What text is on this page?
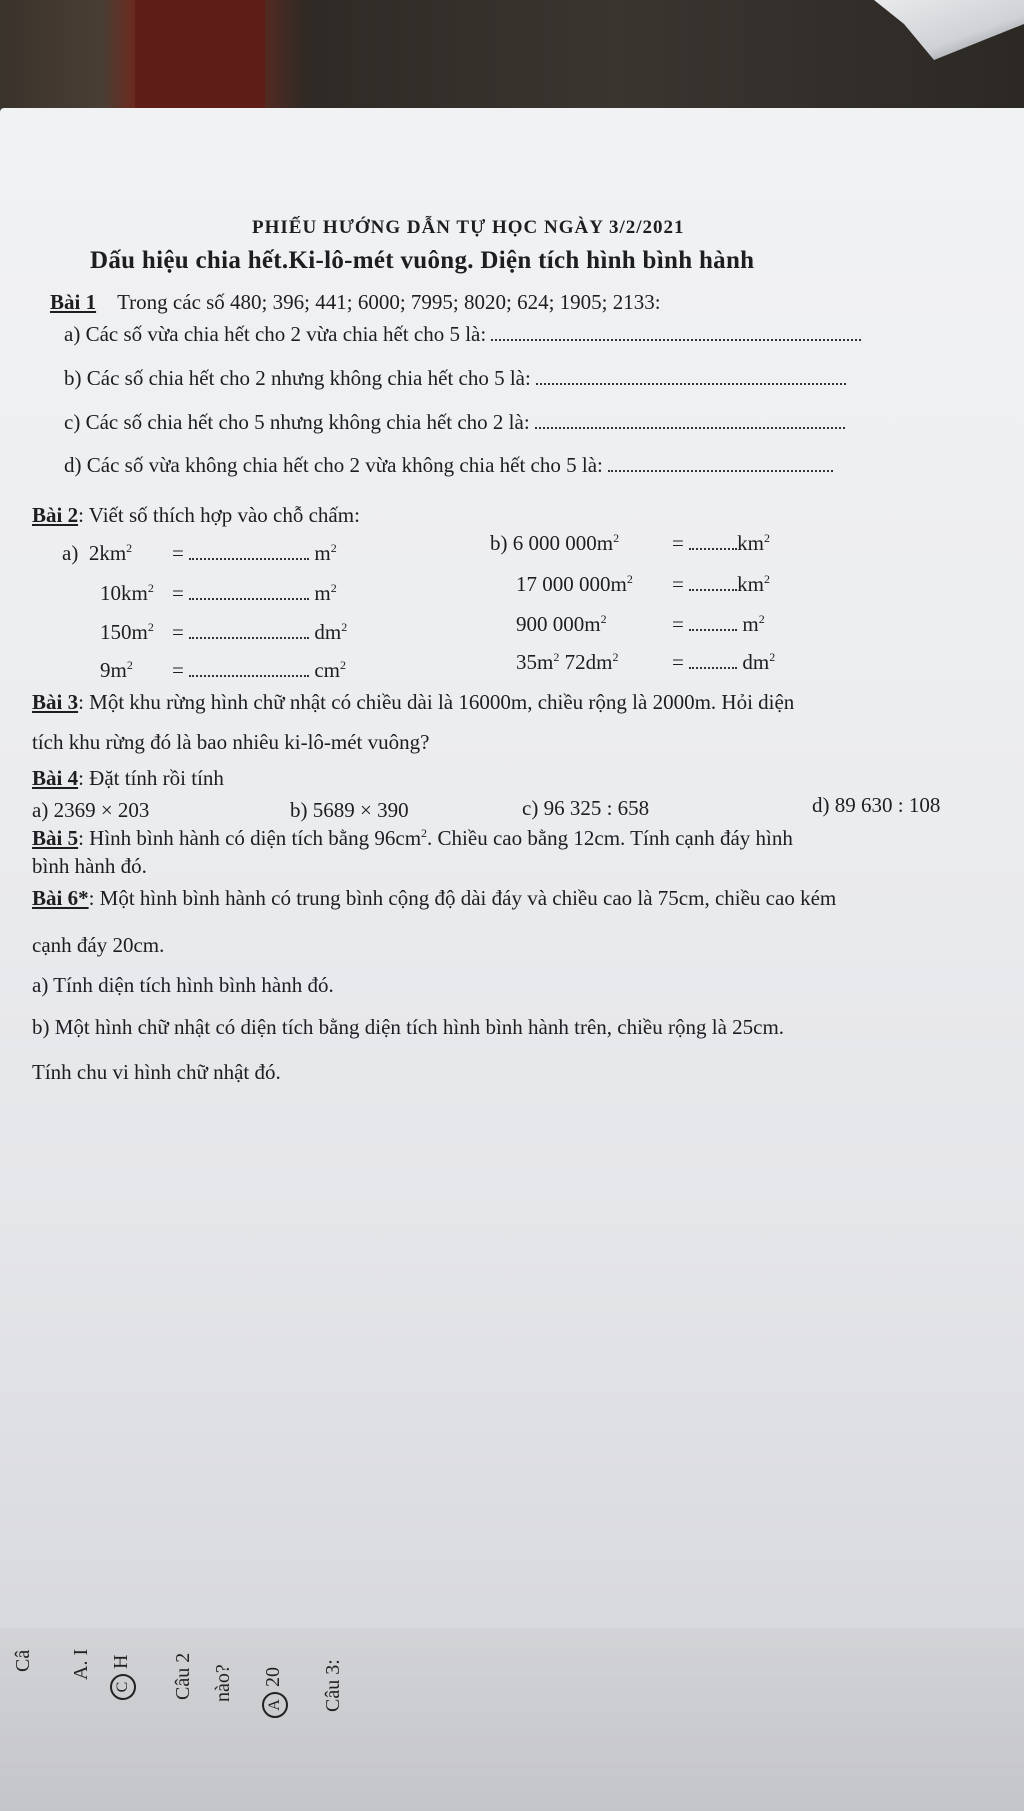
PHIẾU HƯỚNG DẪN TỰ HỌC NGÀY 3/2/2021
Dấu hiệu chia hết.Ki-lô-mét vuông. Diện tích hình bình hành
Bài 1 Trong các số 480; 396; 441; 6000; 7995; 8020; 624; 1905; 2133:
a) Các số vừa chia hết cho 2 vừa chia hết cho 5 là:
b) Các số chia hết cho 2 nhưng không chia hết cho 5 là:
c) Các số chia hết cho 5 nhưng không chia hết cho 2 là:
d) Các số vừa không chia hết cho 2 vừa không chia hết cho 5 là:
Bài 2: Viết số thích hợp vào chỗ chấm:
a) $2km^2$ =	$m^2$
$10km^2$ =	$m^2$
$150m^2$ =	$dm^2$
$9m^2$ =	$cm^2$
b) 6 000 $000m^2$	=	$km^2$
17 000 $000m^2$ =	$km^2$
900 $000m^2$	=	$m^2$
$35m^2$ $72dm^2$	=	$dm^2$
Bài 3: Một khu rừng hình chữ nhật có chiều dài là 16000m, chiều rộng là 2000m. Hỏi diện
tích khu rừng đó là bao nhiêu ki-lô-mét vuông?
Bài 4: Đặt tính rồi tính
a) 2369 × 203	b) 5689 × 390	c) 96 325 : 658	d) 89 630 : 108
Bài 5: Hình bình hành có diện tích bằng $96cm^2$. Chiều cao bằng 12cm. Tính cạnh đáy hình
bình hành đó.
Bài 6*: Một hình bình hành có trung bình cộng độ dài đáy và chiều cao là 75cm, chiều cao kém
cạnh đáy 20cm.
a) Tính diện tích hình bình hành đó.
b) Một hình chữ nhật có diện tích bằng diện tích hình bình hành trên, chiều rộng là 25cm.
Tính chu vi hình chữ nhật đó.
Câ A. I
C H Câu 2 nào?
A 20 Câu 3:
